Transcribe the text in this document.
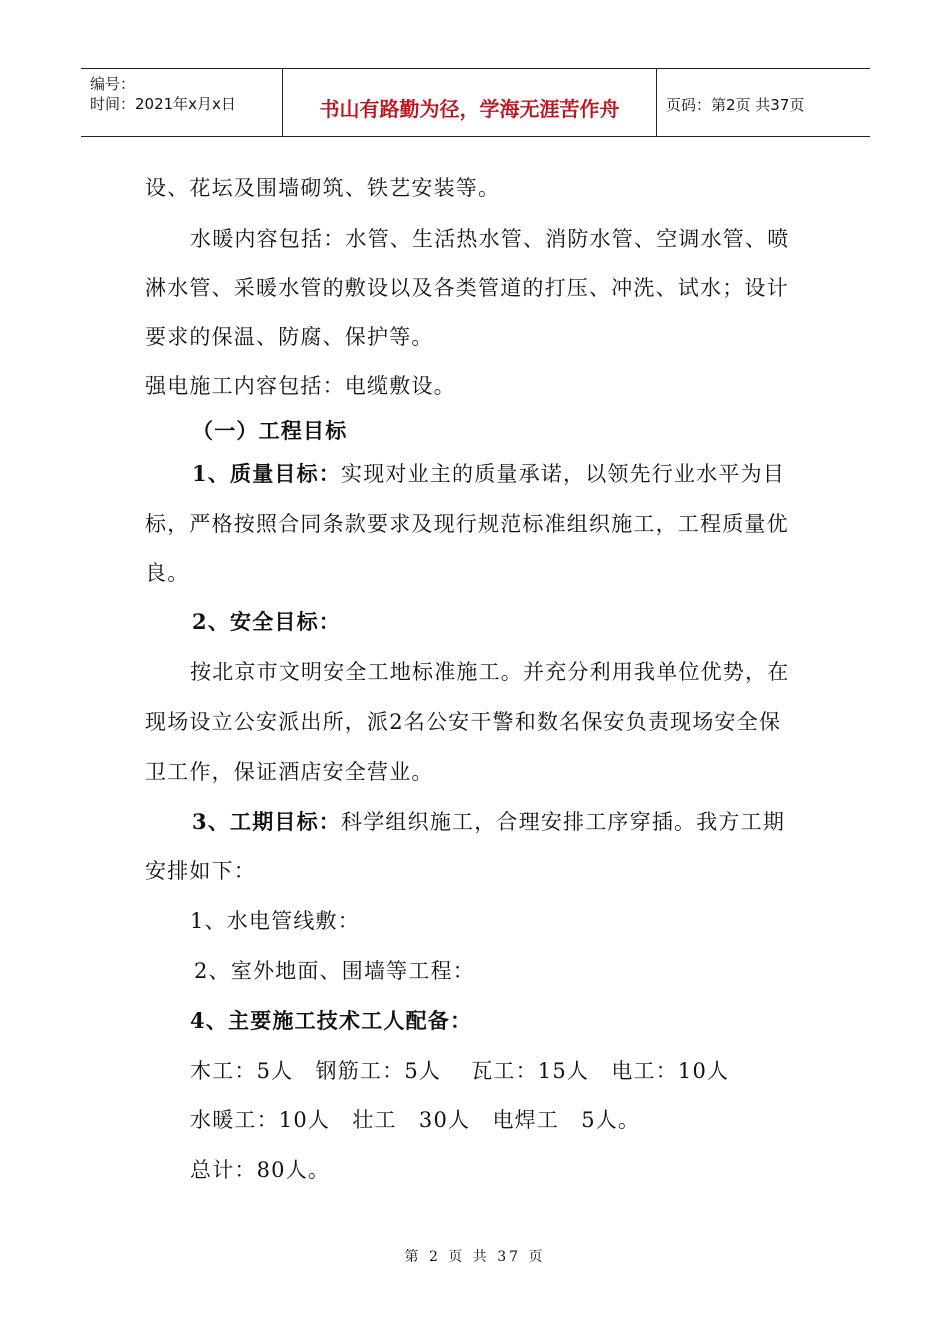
编号：
时间：2021年x月x日	书山有路勤为径，学海无涯苦作舟	页码：第2页 共37页
设、花坛及围墙砌筑、铁艺安装等。
水暖内容包括：水管、生活热水管、消防水管、空调水管、喷
淋水管、采暖水管的敷设以及各类管道的打压、冲洗、试水；设计
要求的保温、防腐、保护等。
强电施工内容包括：电缆敷设。
（一）工程目标
1、质量目标：实现对业主的质量承诺，以领先行业水平为目
标，严格按照合同条款要求及现行规范标准组织施工，工程质量优
良。
2、安全目标：
按北京市文明安全工地标准施工。并充分利用我单位优势，在
现场设立公安派出所，派2名公安干警和数名保安负责现场安全保
卫工作，保证酒店安全营业。
3、工期目标：科学组织施工，合理安排工序穿插。我方工期
安排如下：
1、水电管线敷：
2、室外地面、围墙等工程：
4、主要施工技术工人配备：
木工：5人　钢筋工：5人　 瓦工：15人　电工：10人
水暖工：10人　壮工　30人　电焊工　5人。
总计：80人。
第 2 页 共 37 页
